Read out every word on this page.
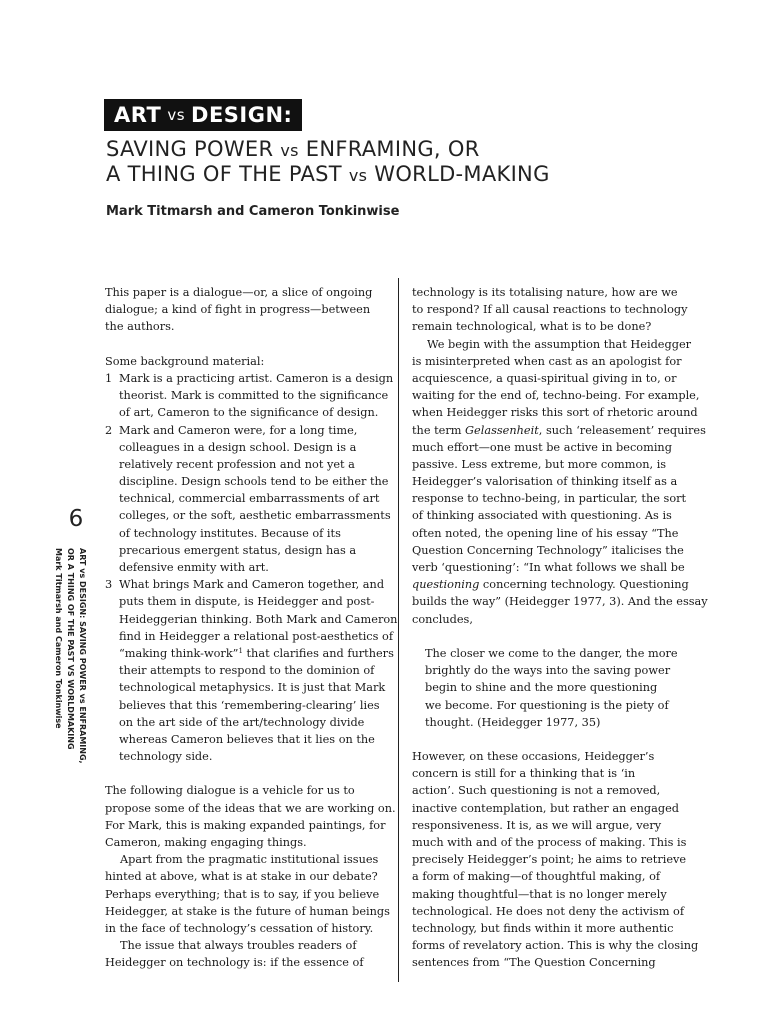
ART vs DESIGN:
SAVING POWER vs ENFRAMING, OR
A THING OF THE PAST vs WORLD-MAKING
Mark Titmarsh and Cameron Tonkinwise
6
ART vs DESIGN: SAVING POWER vs ENFRAMING,
OR A THING OF THE PAST VS WORLDMAKING
Mark Titmarsh and Cameron Tonkinwise
This paper is a dialogue—or, a slice of ongoing
dialogue; a kind of fight in progress—between
the authors.
Some background material:
1 Mark is a practicing artist. Cameron is a design
theorist. Mark is committed to the significance
of art, Cameron to the significance of design.
2 Mark and Cameron were, for a long time,
colleagues in a design school. Design is a
relatively recent profession and not yet a
discipline. Design schools tend to be either the
technical, commercial embarrassments of art
colleges, or the soft, aesthetic embarrassments
of technology institutes. Because of its
precarious emergent status, design has a
defensive enmity with art.
3 What brings Mark and Cameron together, and
puts them in dispute, is Heidegger and post-
Heideggerian thinking. Both Mark and Cameron
find in Heidegger a relational post-aesthetics of
“making think-work”$^1$ that clarifies and furthers
their attempts to respond to the dominion of
technological metaphysics. It is just that Mark
believes that this ‘remembering-clearing’ lies
on the art side of the art/technology divide
whereas Cameron believes that it lies on the
technology side.
The following dialogue is a vehicle for us to
propose some of the ideas that we are working on.
For Mark, this is making expanded paintings, for
Cameron, making engaging things.
Apart from the pragmatic institutional issues
hinted at above, what is at stake in our debate?
Perhaps everything; that is to say, if you believe
Heidegger, at stake is the future of human beings
in the face of technology’s cessation of history.
The issue that always troubles readers of
Heidegger on technology is: if the essence of
technology is its totalising nature, how are we
to respond? If all causal reactions to technology
remain technological, what is to be done?
We begin with the assumption that Heidegger
is misinterpreted when cast as an apologist for
acquiescence, a quasi-spiritual giving in to, or
waiting for the end of, techno-being. For example,
when Heidegger risks this sort of rhetoric around
the term Gelassenheit, such ‘releasement’ requires
much effort—one must be active in becoming
passive. Less extreme, but more common, is
Heidegger’s valorisation of thinking itself as a
response to techno-being, in particular, the sort
of thinking associated with questioning. As is
often noted, the opening line of his essay “The
Question Concerning Technology” italicises the
verb ‘questioning’: “In what follows we shall be
questioning concerning technology. Questioning
builds the way” (Heidegger 1977, 3). And the essay
concludes,
The closer we come to the danger, the more
brightly do the ways into the saving power
begin to shine and the more questioning
we become. For questioning is the piety of
thought. (Heidegger 1977, 35)
However, on these occasions, Heidegger’s
concern is still for a thinking that is ‘in
action’. Such questioning is not a removed,
inactive contemplation, but rather an engaged
responsiveness. It is, as we will argue, very
much with and of the process of making. This is
precisely Heidegger’s point; he aims to retrieve
a form of making—of thoughtful making, of
making thoughtful—that is no longer merely
technological. He does not deny the activism of
technology, but finds within it more authentic
forms of revelatory action. This is why the closing
sentences from “The Question Concerning
